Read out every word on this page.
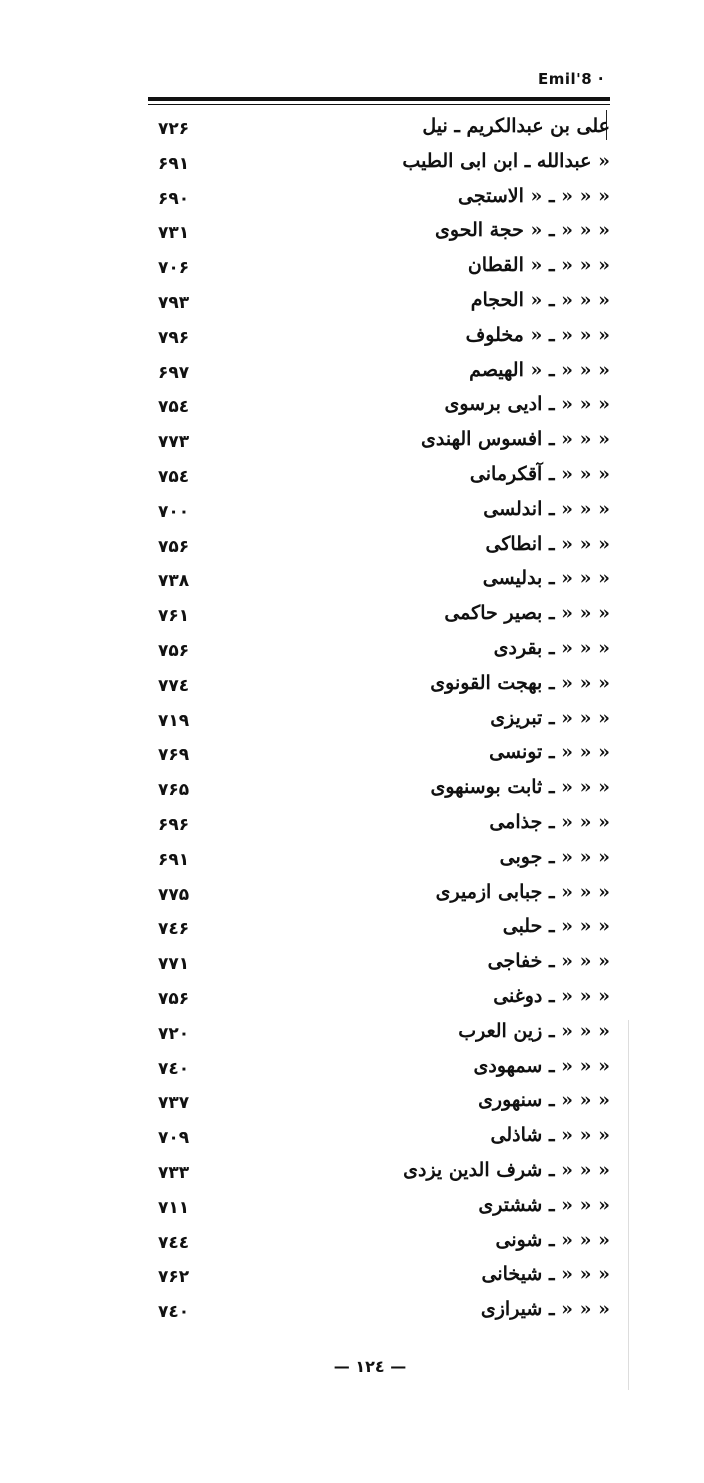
Emil'8 ·
۷۲۶	علی بن عبدالکریم ـ نیل
۶۹۱	« عبدالله ـ ابن ابی الطیب
۶۹۰	« « « ـ « الاستجی
۷۳۱	« « « ـ « حجة الحوی
۷۰۶	« « « ـ « القطان
۷۹۳	« « « ـ « الحجام
۷۹۶	« « « ـ « مخلوف
۶۹۷	« « « ـ « الهیصم
۷۵٤	« « « ـ ادیی برسوی
۷۷۳	« « « ـ افسوس الهندی
۷۵٤	« « « ـ آقکرمانی
۷۰۰	« « « ـ اندلسی
۷۵۶	« « « ـ انطاکی
۷۳۸	« « « ـ بدلیسی
۷۶۱	« « « ـ بصیر حاکمی
۷۵۶	« « « ـ بقردی
۷۷٤	« « « ـ بهجت القونوی
۷۱۹	« « « ـ تبریزی
۷۶۹	« « « ـ تونسی
۷۶۵	« « « ـ ثابت بوسنهوی
۶۹۶	« « « ـ جذامی
۶۹۱	« « « ـ جوبی
۷۷۵	« « « ـ جبابی ازمیری
۷٤۶	« « « ـ حلبی
۷۷۱	« « « ـ خفاجی
۷۵۶	« « « ـ دوغنی
۷۲۰	« « « ـ زین العرب
۷٤۰	« « « ـ سمهودی
۷۳۷	« « « ـ سنهوری
۷۰۹	« « « ـ شاذلی
۷۳۳	« « « ـ شرف الدین یزدی
۷۱۱	« « « ـ ششتری
۷٤٤	« « « ـ شونی
۷۶۲	« « « ـ شیخانی
۷٤۰	« « « ـ شیرازی
— ۱۲٤ —
